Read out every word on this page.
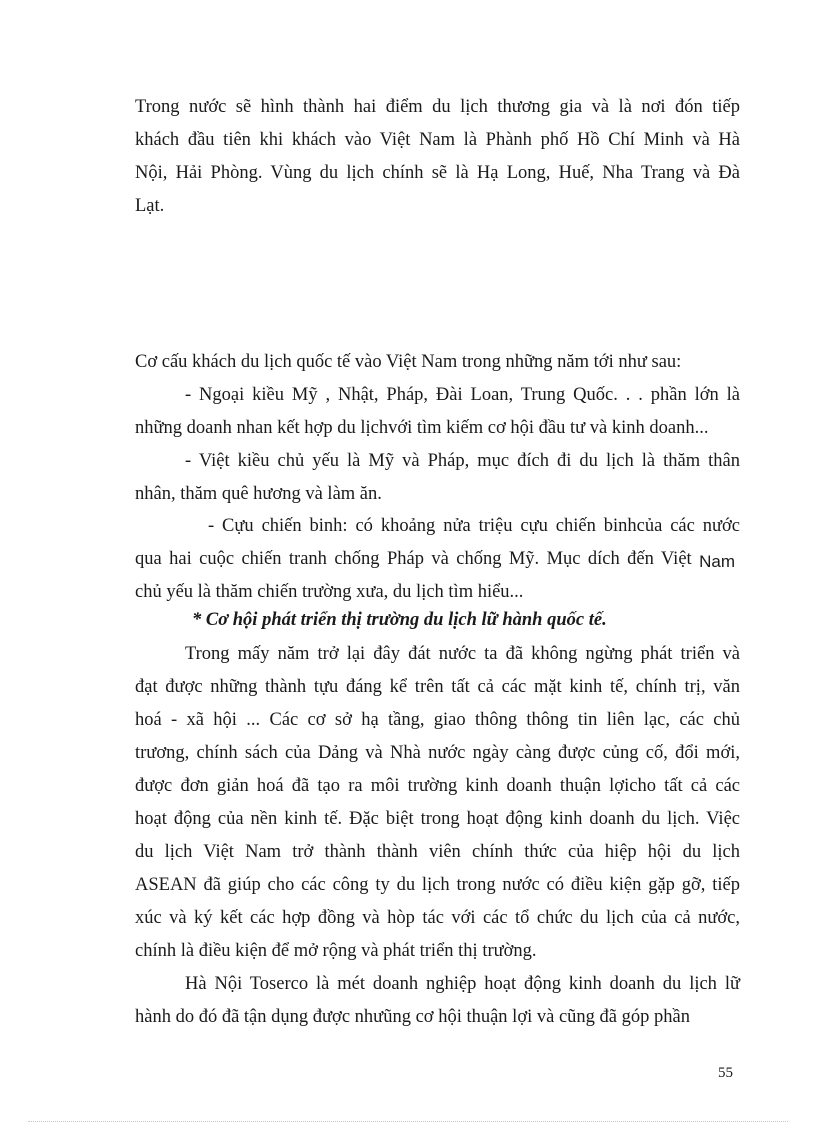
Trong nước sẽ hình thành hai điểm du lịch thương gia và là nơi đón tiếp
khách đầu tiên khi khách vào Việt Nam là Phành phố Hồ Chí Minh và Hà
Nội, Hải Phòng. Vùng du lịch chính sẽ là Hạ Long, Huế, Nha Trang và Đà
Lạt.
Cơ cấu khách du lịch quốc tế vào Việt Nam trong những năm tới như sau:
- Ngoại kiều Mỹ , Nhật, Pháp, Đài Loan, Trung Quốc. . . phần lớn là
những doanh nhan kết hợp du lịchvới tìm kiếm cơ hội đầu tư và kinh doanh...
- Việt kiều chủ yếu là Mỹ và Pháp, mục đích đi du lịch là thăm thân
nhân, thăm quê hương và làm ăn.
- Cựu chiến binh: có khoảng nửa triệu cựu chiến binhcủa các nước
qua hai cuộc chiến tranh chống Pháp và chống Mỹ. Mục dích đến Việt Nam
chủ yếu là thăm chiến trường xưa, du lịch tìm hiểu...
* Cơ hội phát triển thị trường du lịch lữ hành quốc tế.
Trong mấy năm trở lại đây đát nước ta đã không ngừng phát triển và
đạt được những thành tựu đáng kể trên tất cả các mặt kinh tế, chính trị, văn
hoá - xã hội ... Các cơ sở hạ tầng, giao thông thông tin liên lạc, các chủ
trương, chính sách của Dảng và Nhà nước ngày càng được củng cố, đổi mới,
được đơn giản hoá đã tạo ra môi trường kinh doanh thuận lợicho tất cả các
hoạt động của nền kinh tế. Đặc biệt trong hoạt động kinh doanh du lịch. Việc
du lịch Việt Nam trở thành thành viên chính thức của hiệp hội du lịch
ASEAN đã giúp cho các công ty du lịch trong nước có điều kiện gặp gỡ, tiếp
xúc và ký kết các hợp đồng và hòp tác với các tổ chức du lịch của cả nước,
chính là điều kiện để mở rộng và phát triển thị trường.
Hà Nội Toserco là mét doanh nghiệp hoạt động kinh doanh du lịch lữ
hành do đó đã tận dụng được nhưũng cơ hội thuận lợi và cũng đã góp phần
55
